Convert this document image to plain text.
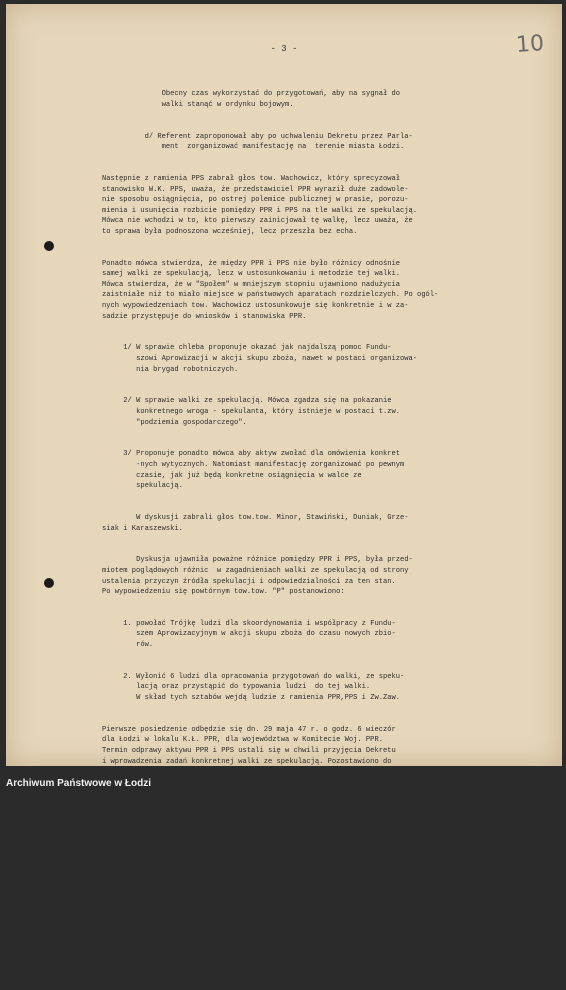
- 3 -	10

Obecny czas wykorzystać do przygotowań, aby na sygnał do
walki stanąć w ordynku bojowym.

d/ Referent zaproponował aby po uchwaleniu Dekretu przez Parla-
ment  zorganizować manifestację na  terenie miasta Łodzi.

Następnie z ramienia PPS zabrał głos tow. Wachowicz, który sprecyzował
stanowisko W.K. PPS, uważa, że przedstawiciel PPR wyraził duże zadowole-
nie sposobu osiągnięcia, po ostrej polemice publicznej w prasie, porozu-
mienia i usunięcia rozbicie pomiędzy PPR i PPS na tle walki ze spekulacją.
Mówca nie wchodzi w to, kto pierwszy zainicjował tę walkę, lecz uważa, że
to sprawa była podnoszona wcześniej, lecz przeszła bez echa.

Ponadto mówca stwierdza, że między PPR i PPS nie było różnicy odnośnie
samej walki ze spekulacją, lecz w ustosunkowaniu i metodzie tej walki.
Mówca stwierdza, że w "Społem" w mniejszym stopniu ujawniono nadużycia
zaistniałe niż to miało miejsce w państwowych aparatach rozdzielczych. Po ogól-
nych wypowiedzeniach tow. Wachowicz ustosunkowuje się konkretnie i w za-
sadzie przystępuje do wniosków i stanowiska PPR.

1/ W sprawie chleba proponuje okazać jak najdalszą pomoc Fundu-
szowi Aprowizacji w akcji skupu zboża, nawet w postaci organizowa-
nia brygad robotniczych.

2/ W sprawie walki ze spekulacją. Mówca zgadza się na pokazanie
konkretnego wroga - spekulanta, który istnieje w postaci t.zw.
"podziemia gospodarczego".

3/ Proponuje ponadto mówca aby aktyw zwołać dla omówienia konkret
-nych wytycznych. Natomiast manifestację zorganizować po pewnym
czasie, jak już będą konkretne osiągnięcia w walce ze
spekulacją.

W dyskusji zabrali głos tow.tow. Minor, Stawiński, Duniak, Grze-
siak i Karaszewski.

Dyskusja ujawniła poważne różnice pomiędzy PPR i PPS, była przed-
miotem poglądowych różnic  w zagadnieniach walki ze spekulacją od strony
ustalenia przyczyn źródła spekulacji i odpowiedzialności za ten stan.
Po wypowiedzeniu się powtórnym tow.tow. "P" postanowiono:

1. powołać Trójkę ludzi dla skoordynowania i współpracy z Fundu-
szem Aprowizacyjnym w akcji skupu zboża do czasu nowych zbio-
rów.

2. Wyłonić 6 ludzi dla opracowania przygotowań do walki, ze speku-
lacją oraz przystąpić do typowania ludzi  do tej walki.
W skład tych sztabów wejdą ludzie z ramienia PPR,PPS i Zw.Zaw.

Pierwsze posiedzenie odbędzie się dn. 29 maja 47 r. o godz. 6 wieczór
dla Łodzi w lokalu K.Ł. PPR, dla województwa w Komitecie Woj. PPR.
Termin odprawy aktywu PPR i PPS ustali się w chwili przyjęcia Dekretu
i wprowadzenia zadań konkretnej walki ze spekulacją. Pozostawiono do

Ad pkt. 2. Zabrał głos tow. Minor i złożył propozycję  w sprawie wyborów
do Zarządów Z.Z.K. w Piotrkowie, Tomaszowie i Kutnie. Tow.tow. z PPS
odrzucili propozycję tow. Minora, jako wogóle nie nadające się do dysku-
sji i wobec powyższego stanęli na stanowisku t.zw. "Wolnej gry".
Sprawę sporną wyborów Zarządu Oddz. Zw.Zaw. Włókniarzy w Pabianicach
odesłano do uzgodnienia  przez wydziały Zaw. Komitetów Woj. obu partii.
Podobnie przekazano do uzgodnienia Wydziałom Zaw. sprawę wyborów Zarzą-
du Koła ZZK w Dyrekcji P.K.P. w Łodzi. Zażądanie spornej sprawy ukonty-
towania się Zarządów Oddz. w Gminnej i Samorządowców na wniosek obu stron
odłożono do rozpatrzenia na następnym posiedzeniu.

Po wypowiedzeniu się tow.tow. Grzesiaka i Berenta w sprawie
wyborów do Spółdzielczości postanowiono zobowiązać Wydziały Spółdzielcze
do omówienia tych spraw, opracowany i uzgodniony materiał  przedstawić na
najbliższe posiedzenie.

Archiwum Państwowe w Łodzi
